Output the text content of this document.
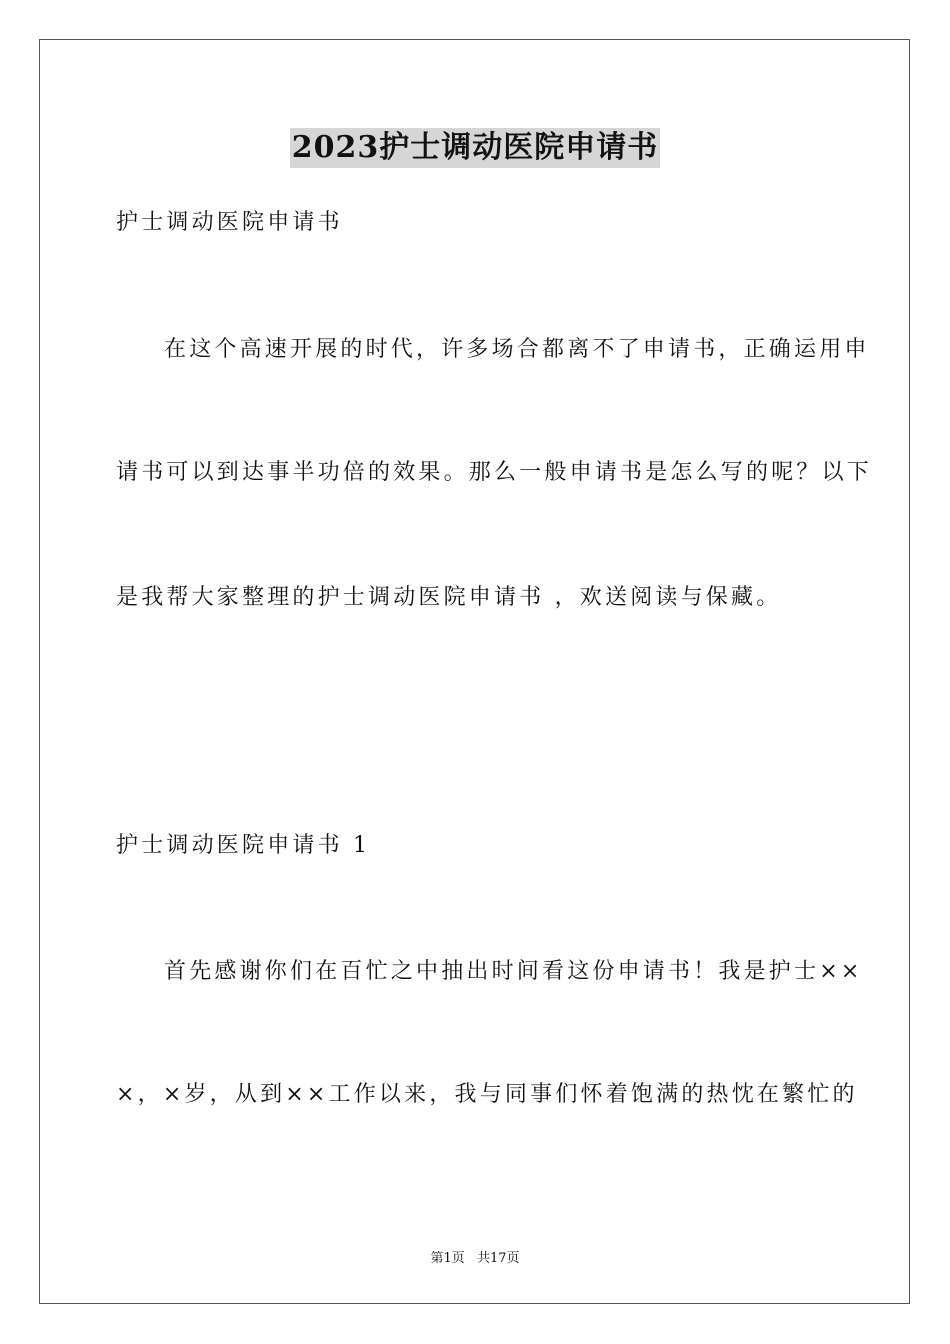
2023护士调动医院申请书
护士调动医院申请书
在这个高速开展的时代，许多场合都离不了申请书，正确运用申
请书可以到达事半功倍的效果。那么一般申请书是怎么写的呢？以下
是我帮大家整理的护士调动医院申请书 ，欢送阅读与保藏。
护士调动医院申请书 1
首先感谢你们在百忙之中抽出时间看这份申请书！我是护士××
×，×岁，从到××工作以来，我与同事们怀着饱满的热忱在繁忙的
第1页 共17页
